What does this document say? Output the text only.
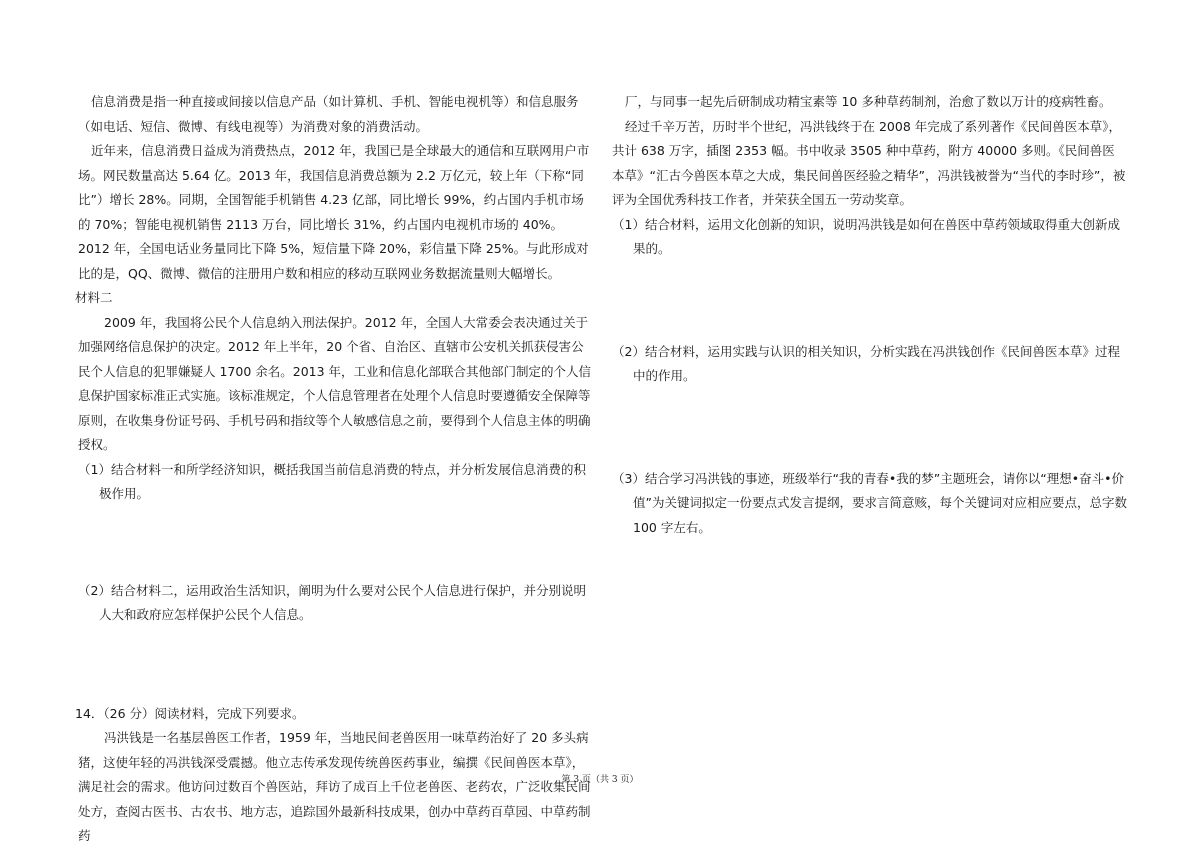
信息消费是指一种直接或间接以信息产品（如计算机、手机、智能电视机等）和信息服务（如电话、短信、微博、有线电视等）为消费对象的消费活动。

近年来，信息消费日益成为消费热点，2012 年，我国已是全球最大的通信和互联网用户市场。网民数量高达 5.64 亿。2013 年，我国信息消费总额为 2.2 万亿元，较上年（下称“同比”）增长 28%。同期，全国智能手机销售 4.23 亿部，同比增长 99%，约占国内手机市场的 70%；智能电视机销售 2113 万台，同比增长 31%，约占国内电视机市场的 40%。2012 年，全国电话业务量同比下降 5%，短信量下降 20%，彩信量下降 25%。与此形成对比的是，QQ、微博、微信的注册用户数和相应的移动互联网业务数据流量则大幅增长。

材料二

2009 年，我国将公民个人信息纳入刑法保护。2012 年，全国人大常委会表决通过关于加强网络信息保护的决定。2012 年上半年，20 个省、自治区、直辖市公安机关抓获侵害公民个人信息的犯罪嫌疑人 1700 余名。2013 年，工业和信息化部联合其他部门制定的个人信息保护国家标准正式实施。该标准规定，个人信息管理者在处理个人信息时要遵循安全保障等原则，在收集身份证号码、手机号码和指纹等个人敏感信息之前，要得到个人信息主体的明确授权。

（1）结合材料一和所学经济知识，概括我国当前信息消费的特点，并分析发展信息消费的积极作用。

（2）结合材料二，运用政治生活知识，阐明为什么要对公民个人信息进行保护，并分别说明人大和政府应怎样保护公民个人信息。

14．（26 分）阅读材料，完成下列要求。

冯洪钱是一名基层兽医工作者，1959 年，当地民间老兽医用一味草药治好了 20 多头病猪，这使年轻的冯洪钱深受震撼。他立志传承发现传统兽医药事业，编撰《民间兽医本草》，满足社会的需求。他访问过数百个兽医站，拜访了成百上千位老兽医、老药农，广泛收集民间处方，查阅古医书、古农书、地方志，追踪国外最新科技成果，创办中草药百草园、中草药制药

厂，与同事一起先后研制成功精宝素等 10 多种草药制剂，治愈了数以万计的疫病牲畜。

经过千辛万苦，历时半个世纪，冯洪钱终于在 2008 年完成了系列著作《民间兽医本草》，共计 638 万字，插图 2353 幅。书中收录 3505 种中草药，附方 40000 多则。《民间兽医本草》“汇古今兽医本草之大成，集民间兽医经验之精华”，冯洪钱被誉为“当代的李时珍”，被评为全国优秀科技工作者，并荣获全国五一劳动奖章。

（1）结合材料，运用文化创新的知识，说明冯洪钱是如何在兽医中草药领域取得重大创新成果的。

（2）结合材料，运用实践与认识的相关知识，分析实践在冯洪钱创作《民间兽医本草》过程中的作用。

（3）结合学习冯洪钱的事迹，班级举行“我的青春•我的梦”主题班会，请你以“理想•奋斗•价值”为关键词拟定一份要点式发言提纲，要求言简意赅，每个关键词对应相应要点，总字数 100 字左右。

第 3 页（共 3 页）
